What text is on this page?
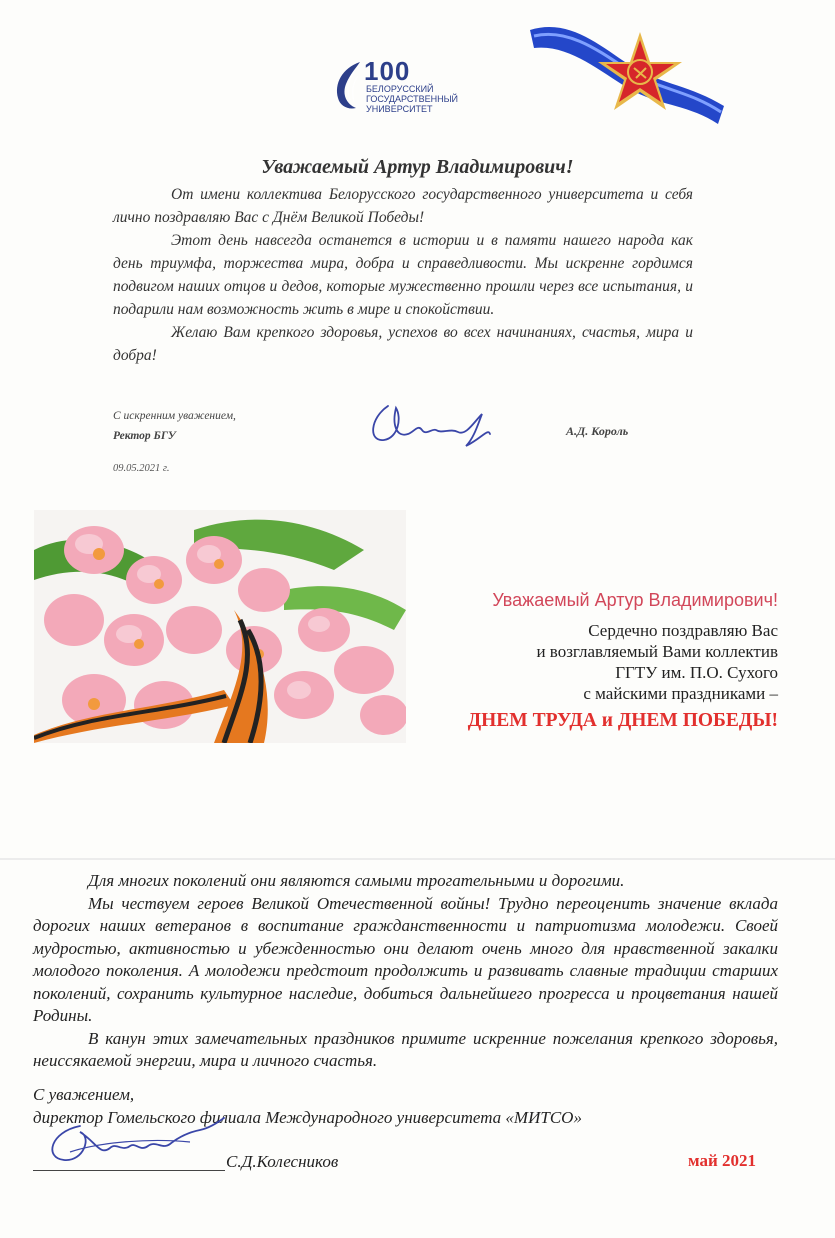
100
БЕЛОРУССКИЙ
ГОСУДАРСТВЕННЫЙ
УНИВЕРСИТЕТ
Уважаемый Артур Владимирович!

От имени коллектива Белорусского государственного университета и себя лично поздравляю Вас с Днём Великой Победы!

Этот день навсегда останется в истории и в памяти нашего народа как день триумфа, торжества мира, добра и справедливости. Мы искренне гордимся подвигом наших отцов и дедов, которые мужественно прошли через все испытания, и подарили нам возможность жить в мире и спокойствии.

Желаю Вам крепкого здоровья, успехов во всех начинаниях, счастья, мира и добра!

С искренним уважением,
Ректор БГУ	А.Д. Король
09.05.2021 г.
Уважаемый Артур Владимирович!
Сердечно поздравляю Вас
и возглавляемый Вами коллектив
ГГТУ им. П.О. Сухого
с майскими праздниками –
ДНЕМ ТРУДА и ДНЕМ ПОБЕДЫ!

Для многих поколений они являются самыми трогательными и дорогими.

Мы чествуем героев Великой Отечественной войны! Трудно переоценить значение вклада дорогих наших ветеранов в воспитание гражданственности и патриотизма молодежи. Своей мудростью, активностью и убежденностью они делают очень много для нравственной закалки молодого поколения. А молодежи предстоит продолжить и развивать славные традиции старших поколений, сохранить культурное наследие, добиться дальнейшего прогресса и процветания нашей Родины.

В канун этих замечательных праздников примите искренние пожелания крепкого здоровья, неиссякаемой энергии, мира и личного счастья.

С уважением,
директор Гомельского филиала Международного университета «МИТСО»
С.Д.Колесников	май 2021
